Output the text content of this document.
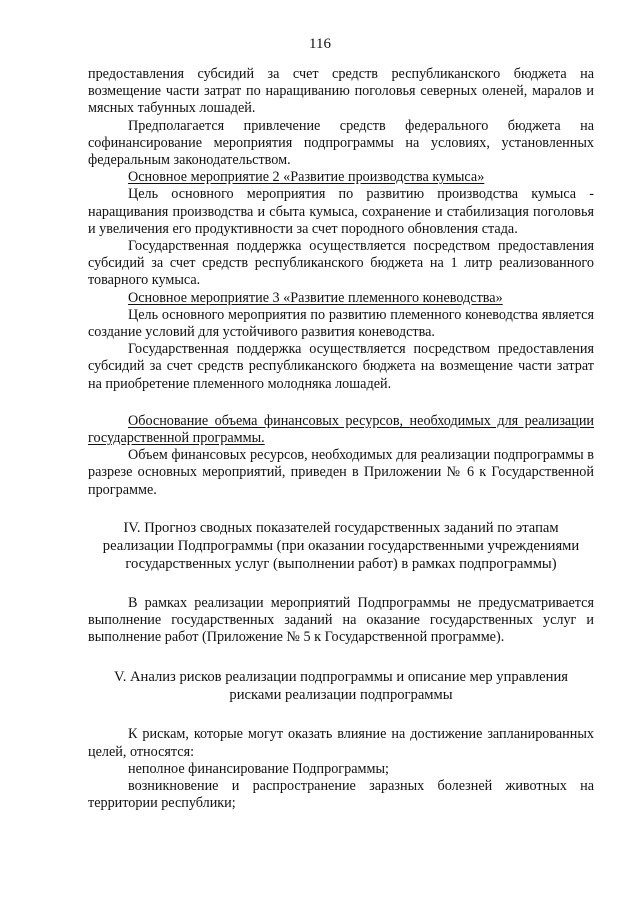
116

предоставления субсидий за счет средств республиканского бюджета на возмещение части затрат по наращиванию поголовья северных оленей, маралов и мясных табунных лошадей.

Предполагается привлечение средств федерального бюджета на софинансирование мероприятия подпрограммы на условиях, установленных федеральным законодательством.

Основное мероприятие 2 «Развитие производства кумыса»

Цель основного мероприятия по развитию производства кумыса - наращивания производства и сбыта кумыса, сохранение и стабилизация поголовья и увеличения его продуктивности за счет породного обновления стада.

Государственная поддержка осуществляется посредством предоставления субсидий за счет средств республиканского бюджета на 1 литр реализованного товарного кумыса.

Основное мероприятие 3 «Развитие племенного коневодства»

Цель основного мероприятия по развитию племенного коневодства является создание условий для устойчивого развития коневодства.

Государственная поддержка осуществляется посредством предоставления субсидий за счет средств республиканского бюджета на возмещение части затрат на приобретение племенного молодняка лошадей.

Обоснование объема финансовых ресурсов, необходимых для реализации государственной программы.

Объем финансовых ресурсов, необходимых для реализации подпрограммы в разрезе основных мероприятий, приведен в Приложении № 6 к Государственной программе.

IV. Прогноз сводных показателей государственных заданий по этапам реализации Подпрограммы (при оказании государственными учреждениями государственных услуг (выполнении работ) в рамках подпрограммы)

В рамках реализации мероприятий Подпрограммы не предусматривается выполнение государственных заданий на оказание государственных услуг и выполнение работ (Приложение № 5 к Государственной программе).

V. Анализ рисков реализации подпрограммы и описание мер управления рисками реализации подпрограммы

К рискам, которые могут оказать влияние на достижение запланированных целей, относятся:

неполное финансирование Подпрограммы;

возникновение и распространение заразных болезней животных на территории республики;
